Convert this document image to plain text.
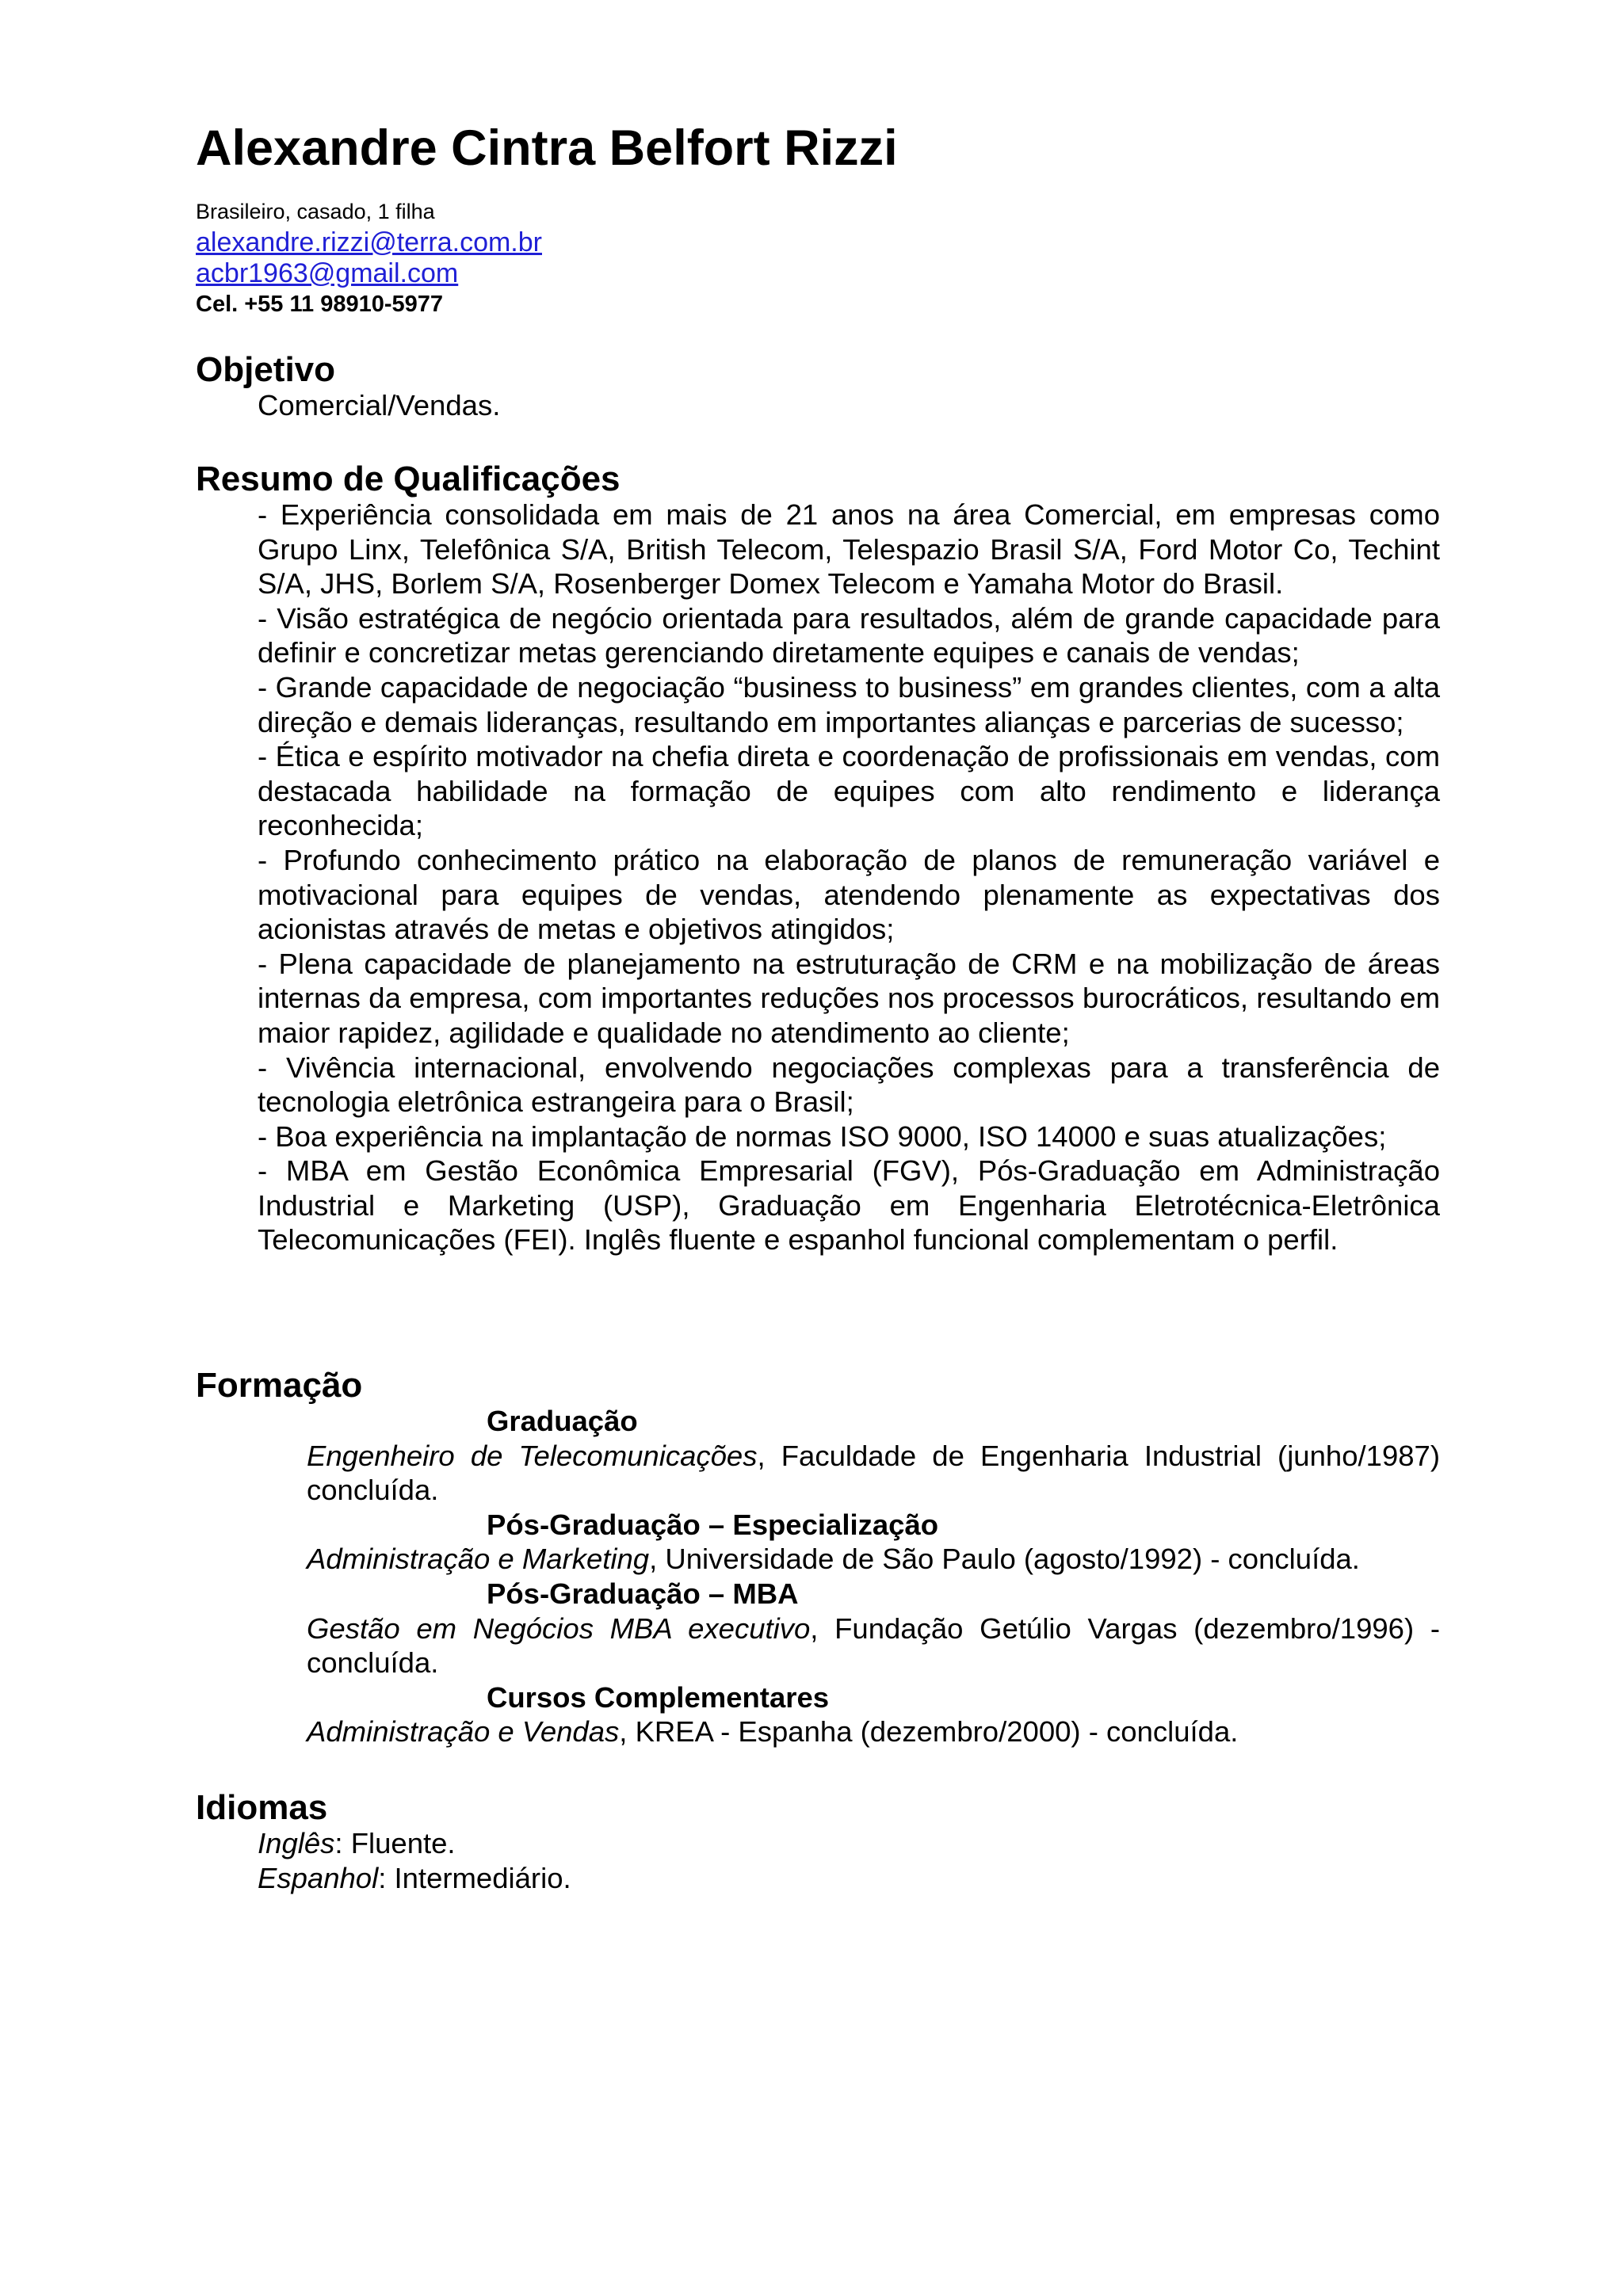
Alexandre Cintra Belfort Rizzi
Brasileiro, casado, 1 filha
alexandre.rizzi@terra.com.br
acbr1963@gmail.com
Cel. +55 11 98910-5977
Objetivo
Comercial/Vendas.
Resumo de Qualificações

- Experiência consolidada em mais de 21 anos na área Comercial, em empresas como Grupo Linx, Telefônica S/A, British Telecom, Telespazio Brasil S/A, Ford Motor Co, Techint S/A, JHS, Borlem S/A, Rosenberger Domex Telecom e Yamaha Motor do Brasil.

- Visão estratégica de negócio orientada para resultados, além de grande capacidade para definir e concretizar metas gerenciando diretamente equipes e canais de vendas;

- Grande capacidade de negociação “business to business” em grandes clientes, com a alta direção e demais lideranças, resultando em importantes alianças e parcerias de sucesso;

- Ética e espírito motivador na chefia direta e coordenação de profissionais em vendas, com destacada habilidade na formação de equipes com alto rendimento e liderança reconhecida;

- Profundo conhecimento prático na elaboração de planos de remuneração variável e motivacional para equipes de vendas, atendendo plenamente as expectativas dos acionistas através de metas e objetivos atingidos;

- Plena capacidade de planejamento na estruturação de CRM e na mobilização de áreas internas da empresa, com importantes reduções nos processos burocráticos, resultando em maior rapidez, agilidade e qualidade no atendimento ao cliente;

- Vivência internacional, envolvendo negociações complexas para a transferência de tecnologia eletrônica estrangeira para o Brasil;

- Boa experiência na implantação de normas ISO 9000, ISO 14000 e suas atualizações;

- MBA em Gestão Econômica Empresarial (FGV), Pós-Graduação em Administração Industrial e Marketing (USP), Graduação em Engenharia Eletrotécnica-Eletrônica Telecomunicações (FEI). Inglês fluente e espanhol funcional complementam o perfil.

Formação
Graduação
Engenheiro de Telecomunicações, Faculdade de Engenharia Industrial (junho/1987) concluída.
Pós-Graduação – Especialização
Administração e Marketing, Universidade de São Paulo (agosto/1992) - concluída.
Pós-Graduação – MBA
Gestão em Negócios MBA executivo, Fundação Getúlio Vargas (dezembro/1996) - concluída.
Cursos Complementares
Administração e Vendas, KREA - Espanha (dezembro/2000) - concluída.
Idiomas
Inglês: Fluente.
Espanhol: Intermediário.
